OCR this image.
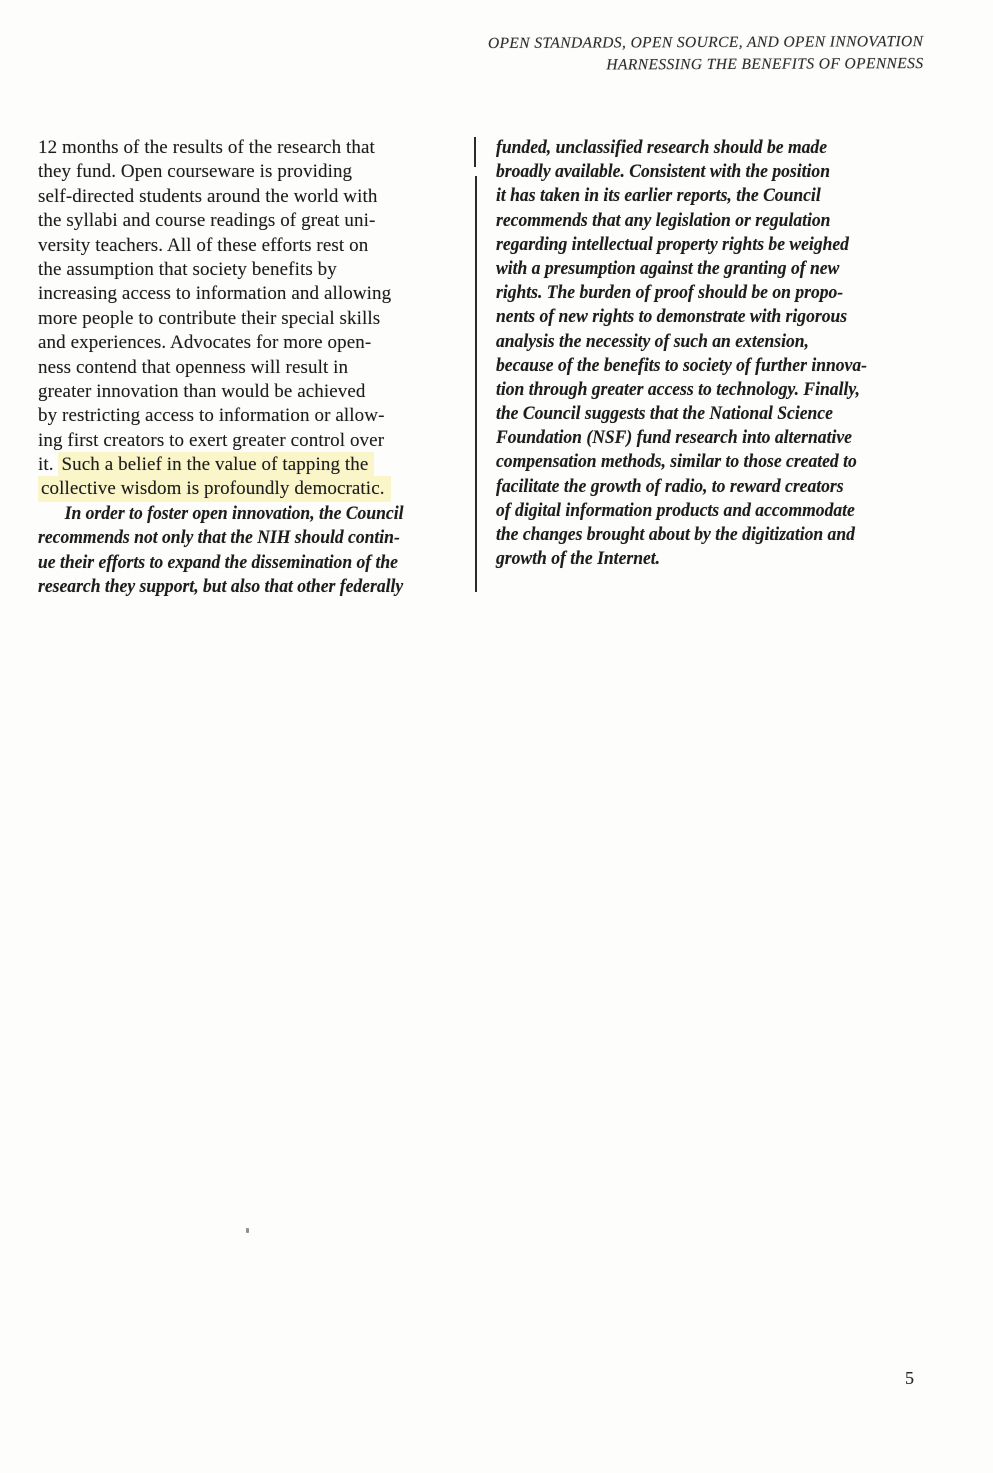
OPEN STANDARDS, OPEN SOURCE, AND OPEN INNOVATION
HARNESSING THE BENEFITS OF OPENNESS
12 months of the results of the research that
they fund. Open courseware is providing
self-directed students around the world with
the syllabi and course readings of great uni-
versity teachers. All of these efforts rest on
the assumption that society benefits by
increasing access to information and allowing
more people to contribute their special skills
and experiences. Advocates for more open-
ness contend that openness will result in
greater innovation than would be achieved
by restricting access to information or allow-
ing first creators to exert greater control over
it. Such a belief in the value of tapping the
collective wisdom is profoundly democratic.
In order to foster open innovation, the Council
recommends not only that the NIH should contin-
ue their efforts to expand the dissemination of the
research they support, but also that other federally
funded, unclassified research should be made
broadly available. Consistent with the position
it has taken in its earlier reports, the Council
recommends that any legislation or regulation
regarding intellectual property rights be weighed
with a presumption against the granting of new
rights. The burden of proof should be on propo-
nents of new rights to demonstrate with rigorous
analysis the necessity of such an extension,
because of the benefits to society of further innova-
tion through greater access to technology. Finally,
the Council suggests that the National Science
Foundation (NSF) fund research into alternative
compensation methods, similar to those created to
facilitate the growth of radio, to reward creators
of digital information products and accommodate
the changes brought about by the digitization and
growth of the Internet.
5
